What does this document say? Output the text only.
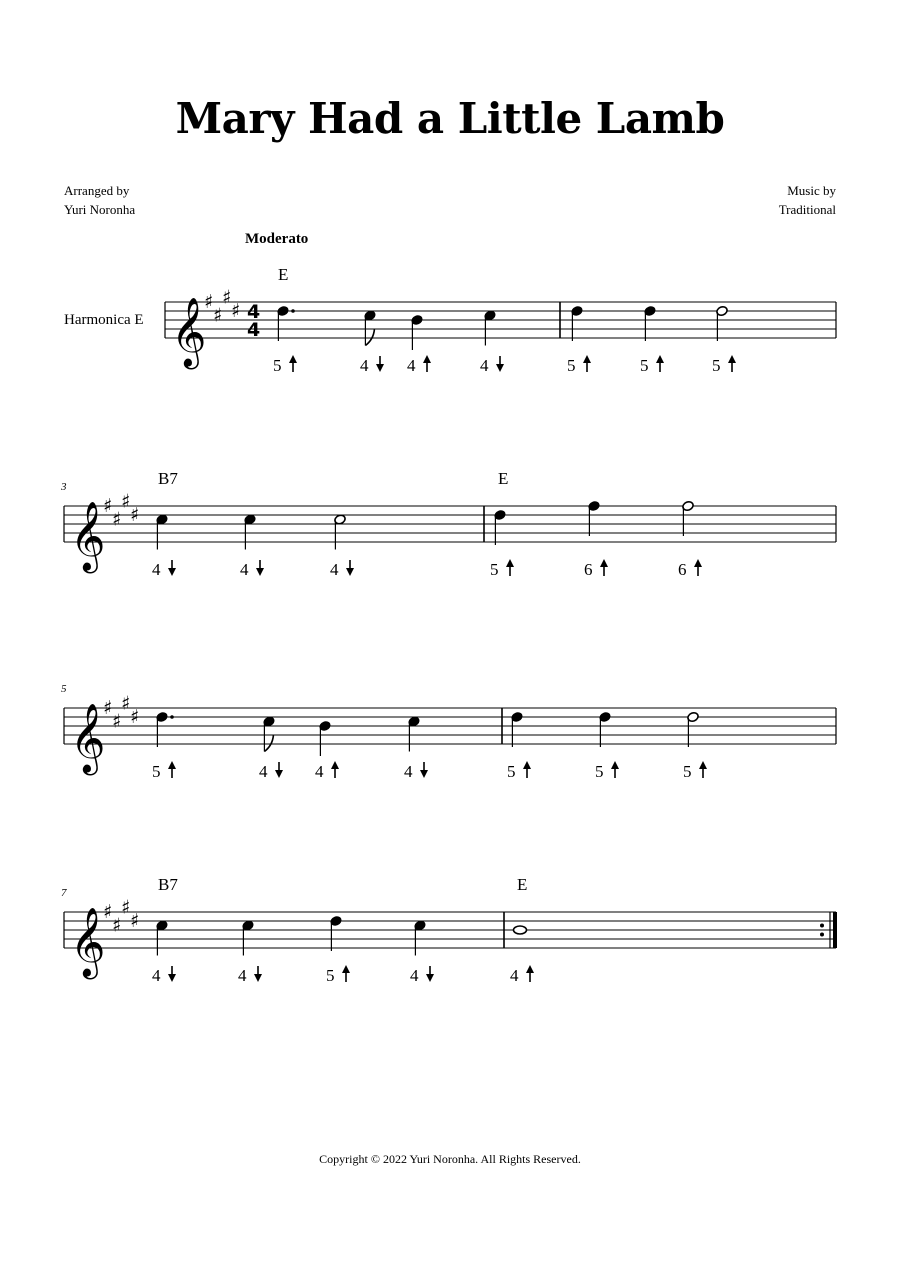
Mary Had a Little Lamb
Arranged by
Yuri Noronha
Music by
Traditional
Moderato
Harmonica E 𝄞
♯
♯
♯
♯ 4
4
E
5	4 4	4	5	5	5
3
𝄞
♯
♯
♯
♯
B7
4	4	4
E
5	6	6
5
𝄞
♯
♯
♯
♯
5	4	4	4	5	5	5
7
𝄞
♯
♯
♯
♯
B7
4	4	5	4
E
4
Copyright © 2022 Yuri Noronha. All Rights Reserved.
